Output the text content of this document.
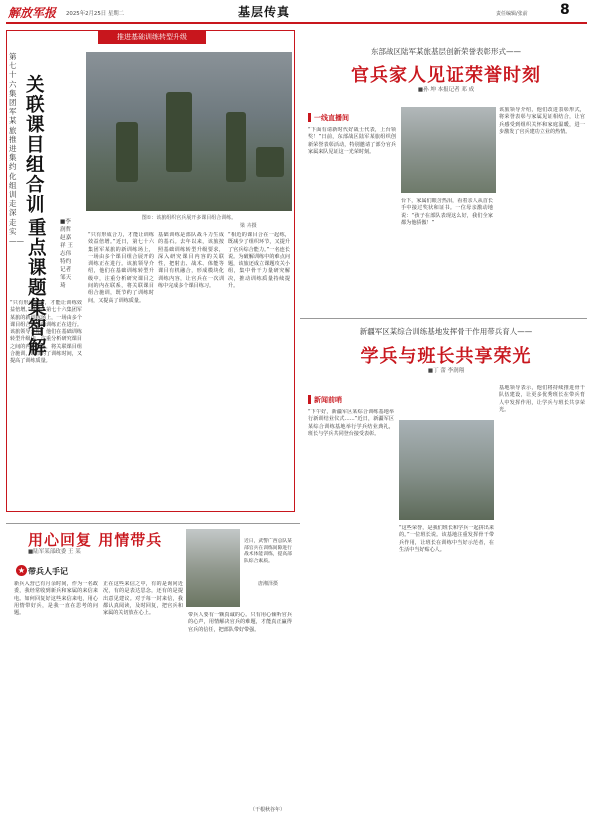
解放军报	2025年2月25日 星期二	基层传真	责任编辑/张前 8
推进基础训练转型升级
第七十六集团军某旅推进集约化组训走深走实——
关联课目组合训
重点课题集智解
■李润哲 赵嘉祥 王志伟 特约记者 邹天琦
图①：该旅组织官兵展开多课目组合训练。
梁 卉摄
“只有形成合力，才能让训练效益倍增。”近日，第七十六集团军某旅的新训练场上，一场由多个课目组合展开的训练正在进行。该旅领导介绍，他们在基础训练转型升级中，注重分析研究课目之间的内在联系，将关联课目组合施训，既节约了训练时间，又提高了训练质量。
基础训练是部队战斗力生成的基石。去年以来，该旅按照基础训练转型升级要求，深入研究课目内容的关联性，把射击、战术、体能等课目有机融合，形成模块化训练内容，让官兵在一次训练中完成多个课目练习。
“相近的课目合在一起练，既减少了组织环节，又提升了官兵综合能力。”一名连长说。为破解训练中的难点问题，该旅还成立课题攻关小组，集中骨干力量研究解决，推动训练质量持续提升。
“只有形成合力，才能让训练效益倍增。”近日，第七十六集团军某旅的新训练场上，一场由多个课目组合展开的训练正在进行。该旅领导介绍，他们在基础训练转型升级中，注重分析研究课目之间的内在联系，将关联课目组合施训，既节约了训练时间，又提高了训练质量。
东部战区陆军某旅基层创新荣誉表彰形式——
官兵家人见证荣誉时刻
■孙 坤 本报记者 邓 成
一线直播间
“下面有请新时代好战士代表，上台领奖！”日前，东部战区陆军某旅组织创新荣誉表彰活动，特别邀请了部分官兵家属来队见证这一光荣时刻。
台下，家属们眼含热泪，看着亲人从首长手中接过奖状和证书。一位母亲激动地说：“孩子在部队表现这么好，我们全家都为他骄傲！”
该旅领导介绍，他们改进表彰形式，将荣誉表彰与家属见证相结合，让官兵感受到组织关怀和家庭温暖，进一步激发了官兵建功立业的热情。
新疆军区某综合训练基地发挥骨干作用带兵育人——
学兵与班长共享荣光
■丁 蕾 李润翔
新闻前哨
“下午好，新疆军区某综合训练基地举行新训结业仪式……”近日，新疆军区某综合训练基地举行学兵结业典礼，班长与学兵共同登台接受表彰。
“这些荣誉，是我们班长和学兵一起拼出来的。”一位班长说。该基地注重发挥骨干带兵作用，让班长在训练中当好示范者，在生活中当好贴心人。
基地领导表示，他们将持续推进骨干队伍建设，让更多优秀班长在带兵育人中发挥作用，让学兵与班长共享荣光。
用心回复 用情带兵
■陆军某部政委 王 某
★ 带兵人手记
近日，武警广西总队某部官兵在训练间隙进行战术体能训练，提高部队综合素质。
唐湘泽摄
新兵入营已有月余时间，作为一名政委，我经常收到新兵和家属的来信来电。如何回复好这些来信来电，用心用情带好兵，是我一直在思考的问题。
正在这些来信之中，有的是询问近况，有的是表达思念，还有的是提出意见建议。对于每一封来信，我都认真阅读，及时回复，把官兵和家属的关切放在心上。	带兵人要有一颗真诚的心。只有用心倾听官兵的心声，用情解决官兵的难题，才能真正赢得官兵的信任，把部队带好带强。
（干根秋谷年）
